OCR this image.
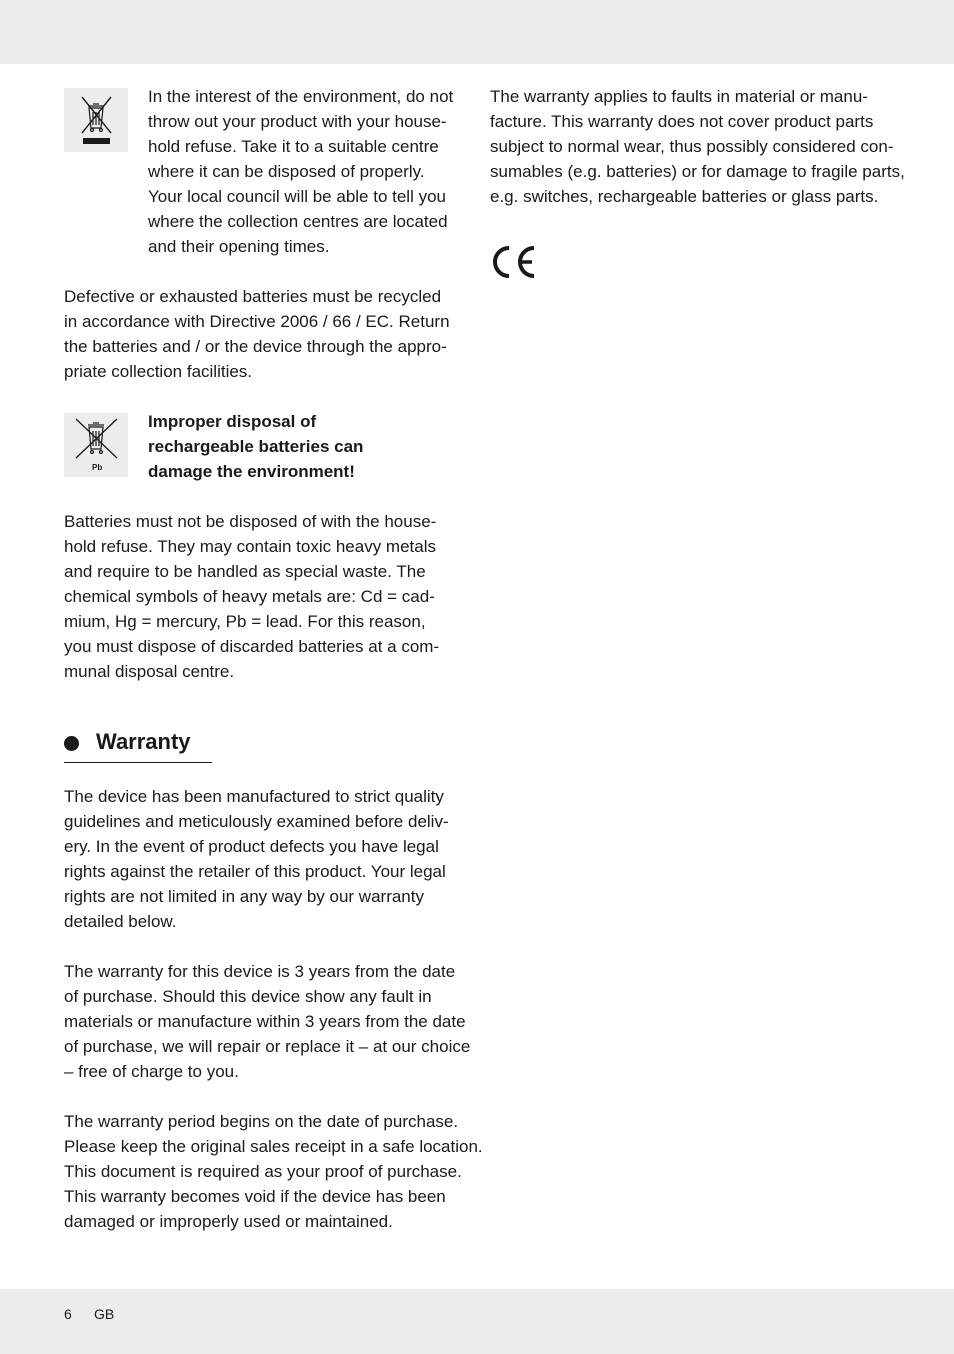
In the interest of the environment, do not
throw out your product with your house-
hold refuse. Take it to a suitable centre
where it can be disposed of properly.
Your local council will be able to tell you
where the collection centres are located
and their opening times.
Defective or exhausted batteries must be recycled
in accordance with Directive 2006 / 66 / EC. Return
the batteries and / or the device through the appro-
priate collection facilities.
Pb
Improper disposal of
rechargeable batteries can
damage the environment!
Batteries must not be disposed of with the house-
hold refuse. They may contain toxic heavy metals
and require to be handled as special waste. The
chemical symbols of heavy metals are: Cd = cad-
mium, Hg = mercury, Pb = lead. For this reason,
you must dispose of discarded batteries at a com-
munal disposal centre.
Warranty
The device has been manufactured to strict quality
guidelines and meticulously examined before deliv-
ery. In the event of product defects you have legal
rights against the retailer of this product. Your legal
rights are not limited in any way by our warranty
detailed below.
The warranty for this device is 3 years from the date
of purchase. Should this device show any fault in
materials or manufacture within 3 years from the date
of purchase, we will repair or replace it – at our choice
– free of charge to you.
The warranty period begins on the date of purchase.
Please keep the original sales receipt in a safe location.
This document is required as your proof of purchase.
This warranty becomes void if the device has been
damaged or improperly used or maintained.
The warranty applies to faults in material or manu-
facture. This warranty does not cover product parts
subject to normal wear, thus possibly considered con-
sumables (e.g. batteries) or for damage to fragile parts,
e.g. switches, rechargeable batteries or glass parts.
6 GB
